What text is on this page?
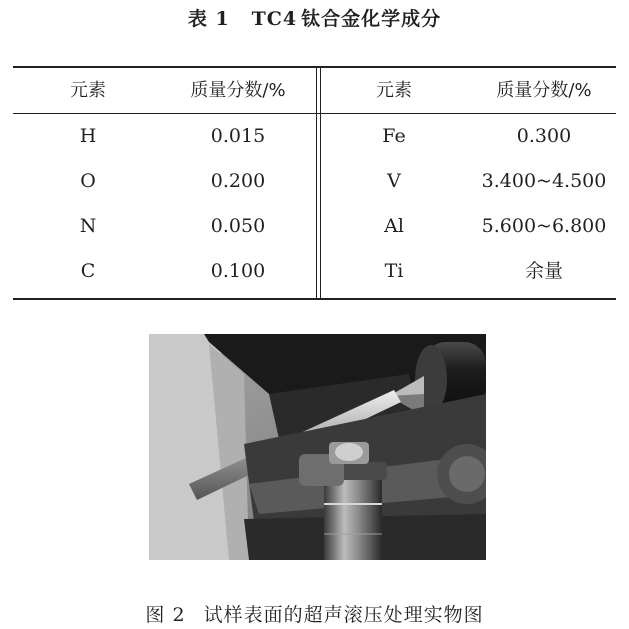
表 1 TC4 钛合金化学成分
元素	质量分数/%	元素	质量分数/%
H	0.015	Fe	0.300
O	0.200	V	3.400~4.500
N	0.050	Al	5.600~6.800
C	0.100	Ti	余量
图 2 试样表面的超声滚压处理实物图
